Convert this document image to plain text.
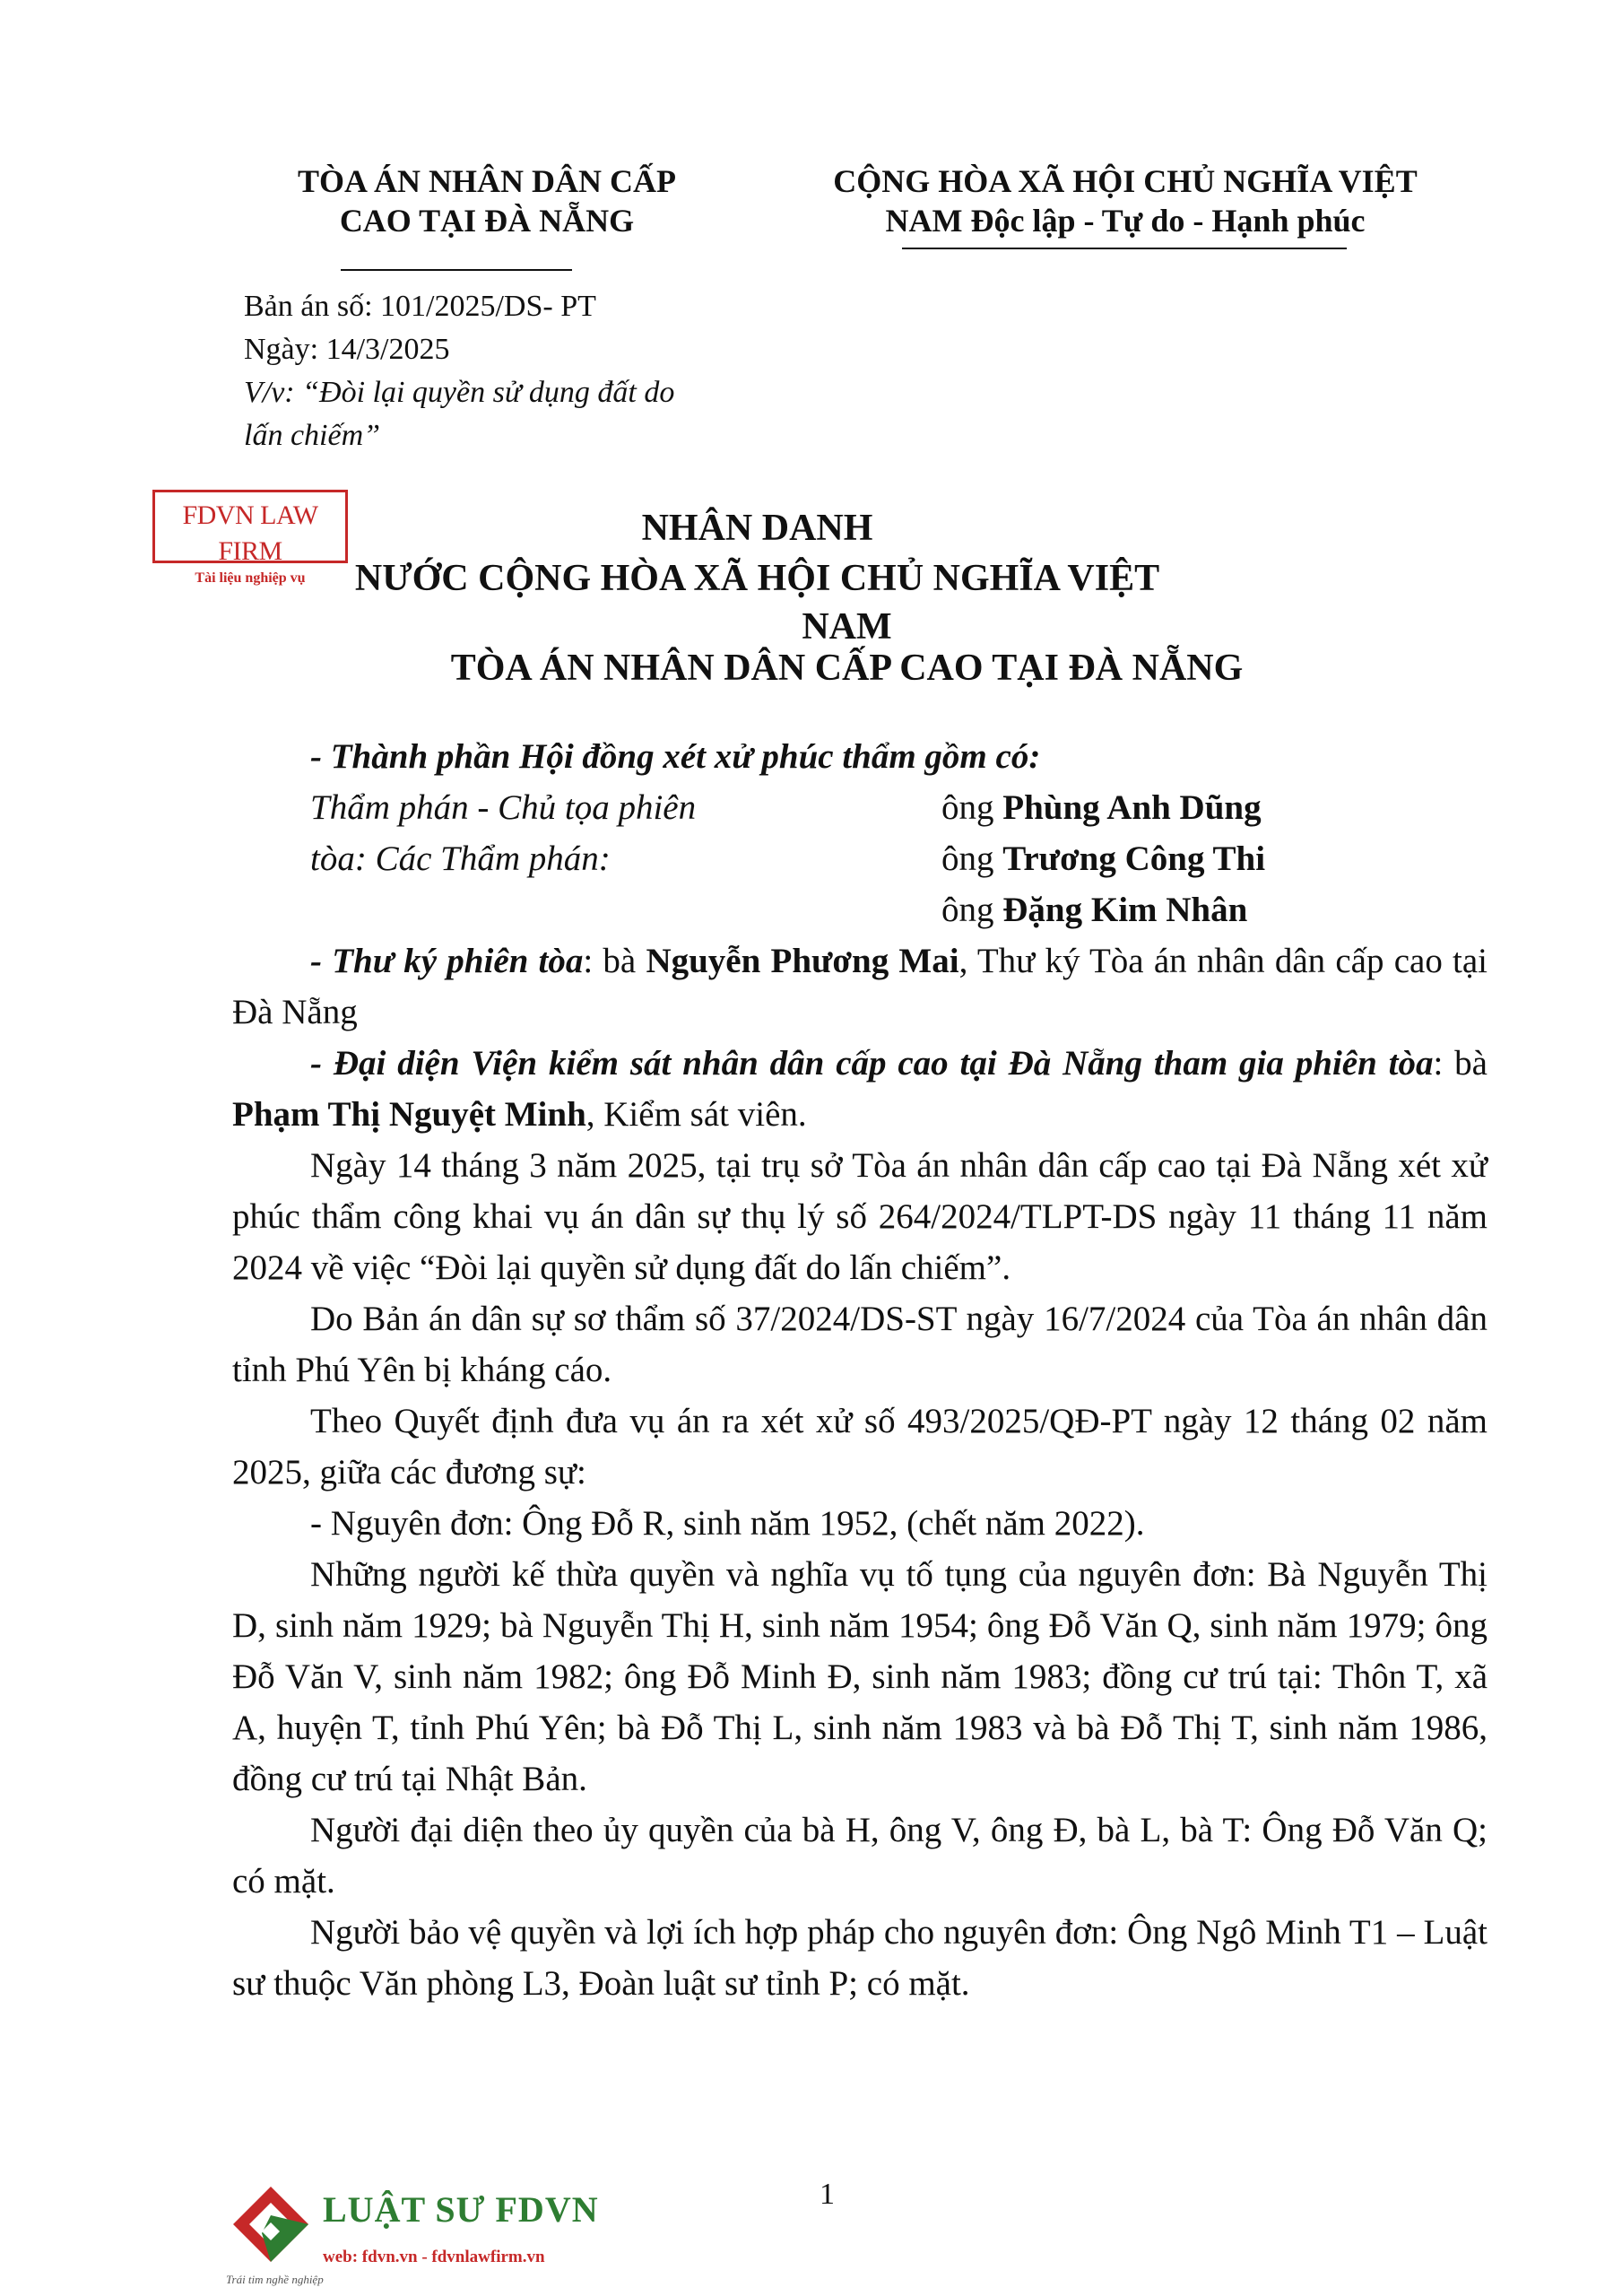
TÒA ÁN NHÂN DÂN CẤP
CAO TẠI ĐÀ NẴNG
CỘNG HÒA XÃ HỘI CHỦ NGHĨA VIỆT
NAM Độc lập - Tự do - Hạnh phúc
Bản án số: 101/2025/DS- PT
Ngày: 14/3/2025
V/v: “Đòi lại quyền sử dụng đất do
lấn chiếm”
FDVN LAW FIRM
Tài liệu nghiệp vụ
NHÂN DANH
NƯỚC CỘNG HÒA XÃ HỘI CHỦ NGHĨA VIỆT
NAM
TÒA ÁN NHÂN DÂN CẤP CAO TẠI ĐÀ NẴNG
- Thành phần Hội đồng xét xử phúc thẩm gồm có:
Thẩm phán - Chủ tọa phiên	ông Phùng Anh Dũng
tòa: Các Thẩm phán:	ông Trương Công Thi
ông Đặng Kim Nhân

- Thư ký phiên tòa: bà Nguyễn Phương Mai, Thư ký Tòa án nhân dân cấp cao tại Đà Nẵng

- Đại diện Viện kiểm sát nhân dân cấp cao tại Đà Nẵng tham gia phiên tòa: bà Phạm Thị Nguyệt Minh, Kiểm sát viên.

Ngày 14 tháng 3 năm 2025, tại trụ sở Tòa án nhân dân cấp cao tại Đà Nẵng xét xử phúc thẩm công khai vụ án dân sự thụ lý số 264/2024/TLPT-DS ngày 11 tháng 11 năm 2024 về việc “Đòi lại quyền sử dụng đất do lấn chiếm”.

Do Bản án dân sự sơ thẩm số 37/2024/DS-ST ngày 16/7/2024 của Tòa án nhân dân tỉnh Phú Yên bị kháng cáo.

Theo Quyết định đưa vụ án ra xét xử số 493/2025/QĐ-PT ngày 12 tháng 02 năm 2025, giữa các đương sự:

- Nguyên đơn: Ông Đỗ R, sinh năm 1952, (chết năm 2022).

Những người kế thừa quyền và nghĩa vụ tố tụng của nguyên đơn: Bà Nguyễn Thị D, sinh năm 1929; bà Nguyễn Thị H, sinh năm 1954; ông Đỗ Văn Q, sinh năm 1979; ông Đỗ Văn V, sinh năm 1982; ông Đỗ Minh Đ, sinh năm 1983; đồng cư trú tại: Thôn T, xã A, huyện T, tỉnh Phú Yên; bà Đỗ Thị L, sinh năm 1983 và bà Đỗ Thị T, sinh năm 1986, đồng cư trú tại Nhật Bản.

Người đại diện theo ủy quyền của bà H, ông V, ông Đ, bà L, bà T: Ông Đỗ Văn Q; có mặt.

Người bảo vệ quyền và lợi ích hợp pháp cho nguyên đơn: Ông Ngô Minh T1 – Luật sư thuộc Văn phòng L3, Đoàn luật sư tỉnh P; có mặt.

1
LUẬT SƯ FDVN
web: fdvn.vn - fdvnlawfirm.vn
Trái tim nghề nghiệp
